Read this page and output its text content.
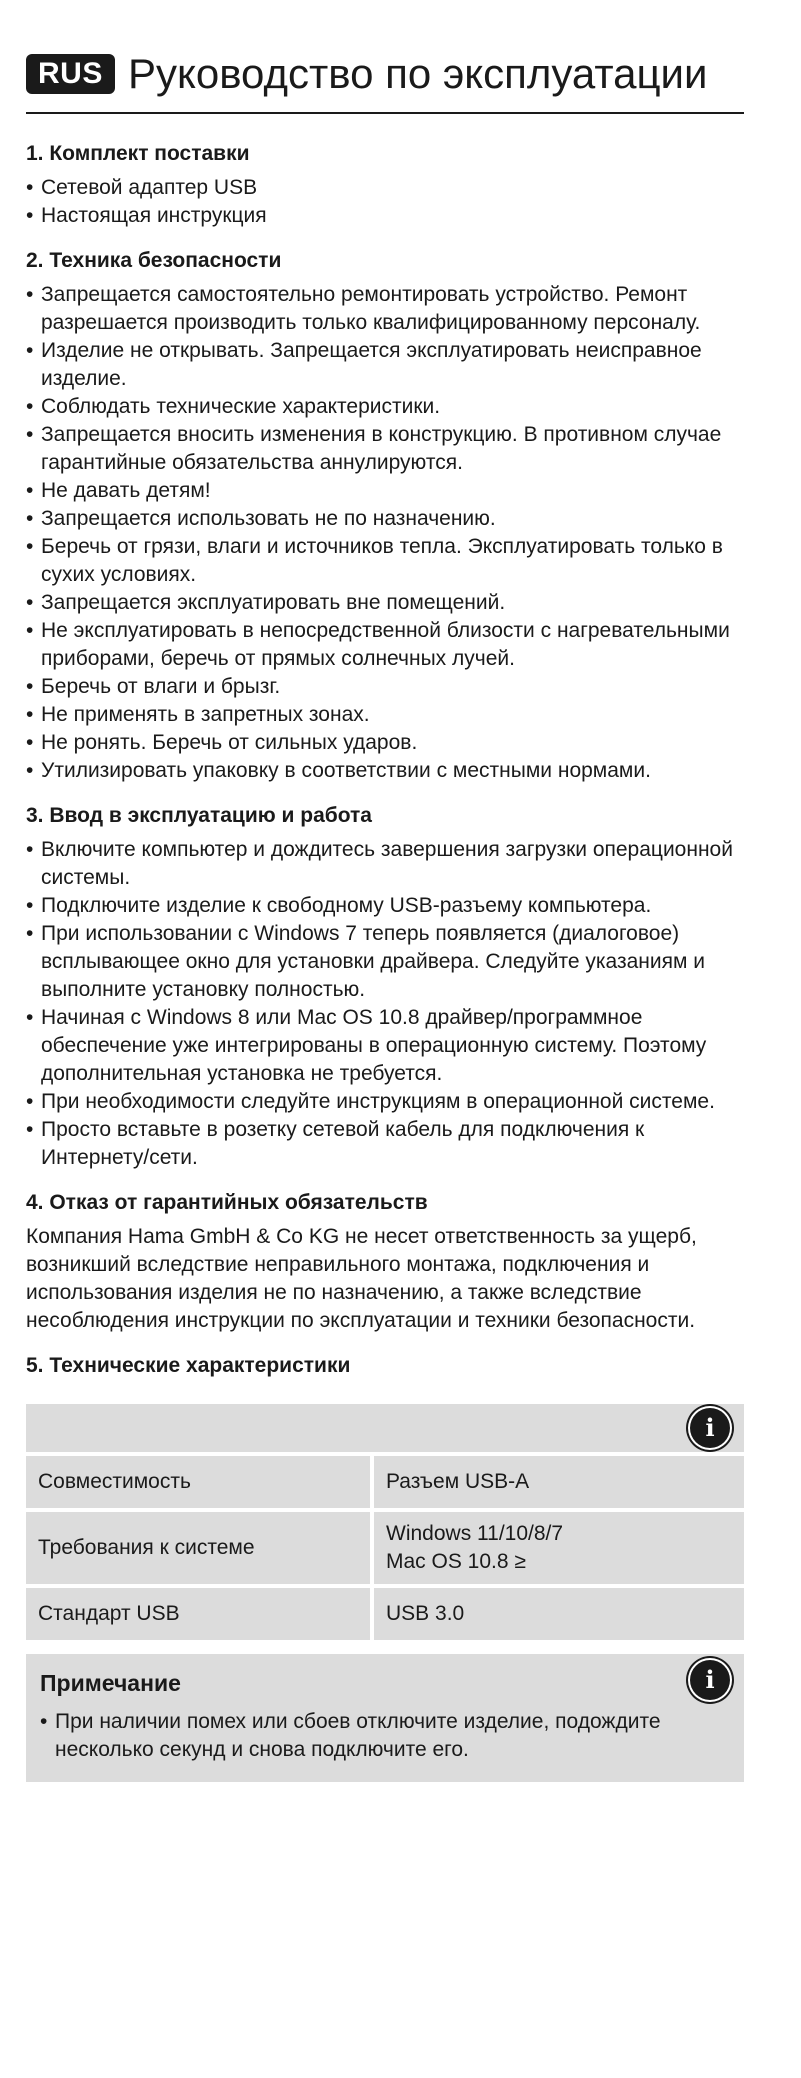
RUS Руководство по эксплуатации
1. Комплект поставки
• Сетевой адаптер USB
• Настоящая инструкция
2. Техника безопасности
• Запрещается самостоятельно ремонтировать устройство. Ремонт разрешается производить только квалифицированному персоналу.
• Изделие не открывать. Запрещается эксплуатировать неисправное изделие.
• Соблюдать технические характеристики.
• Запрещается вносить изменения в конструкцию. В противном случае гарантийные обязательства аннулируются.
• Не давать детям!
• Запрещается использовать не по назначению.
• Беречь от грязи, влаги и источников тепла. Эксплуатировать только в сухих условиях.
• Запрещается эксплуатировать вне помещений.
• Не эксплуатировать в непосредственной близости с нагревательными приборами, беречь от прямых солнечных лучей.
• Беречь от влаги и брызг.
• Не применять в запретных зонах.
• Не ронять. Беречь от сильных ударов.
• Утилизировать упаковку в соответствии с местными нормами.
3. Ввод в эксплуатацию и работа
• Включите компьютер и дождитесь завершения загрузки операционной системы.
• Подключите изделие к свободному USB-разъему компьютера.
• При использовании с Windows 7 теперь появляется (диалоговое) всплывающее окно для установки драйвера. Следуйте указаниям и выполните установку полностью.
• Начиная с Windows 8 или Mac OS 10.8 драйвер/программное обеспечение уже интегрированы в операционную систему. Поэтому дополнительная установка не требуется.
• При необходимости следуйте инструкциям в операционной системе.
• Просто вставьте в розетку сетевой кабель для подключения к Интернету/сети.
4. Отказ от гарантийных обязательств

Компания Hama GmbH & Co KG не несет ответственность за ущерб, возникший вследствие неправильного монтажа, подключения и использования изделия не по назначению, а также вследствие несоблюдения инструкции по эксплуатации и техники безопасности.

5. Технические характеристики
i
Совместимость	Разъем USB-A
Требования к системе
Windows 11/10/8/7
Mac OS 10.8 ≥
Стандарт USB	USB 3.0
i
Примечание
• При наличии помех или сбоев отключите изделие, подождите несколько секунд и снова подключите его.
